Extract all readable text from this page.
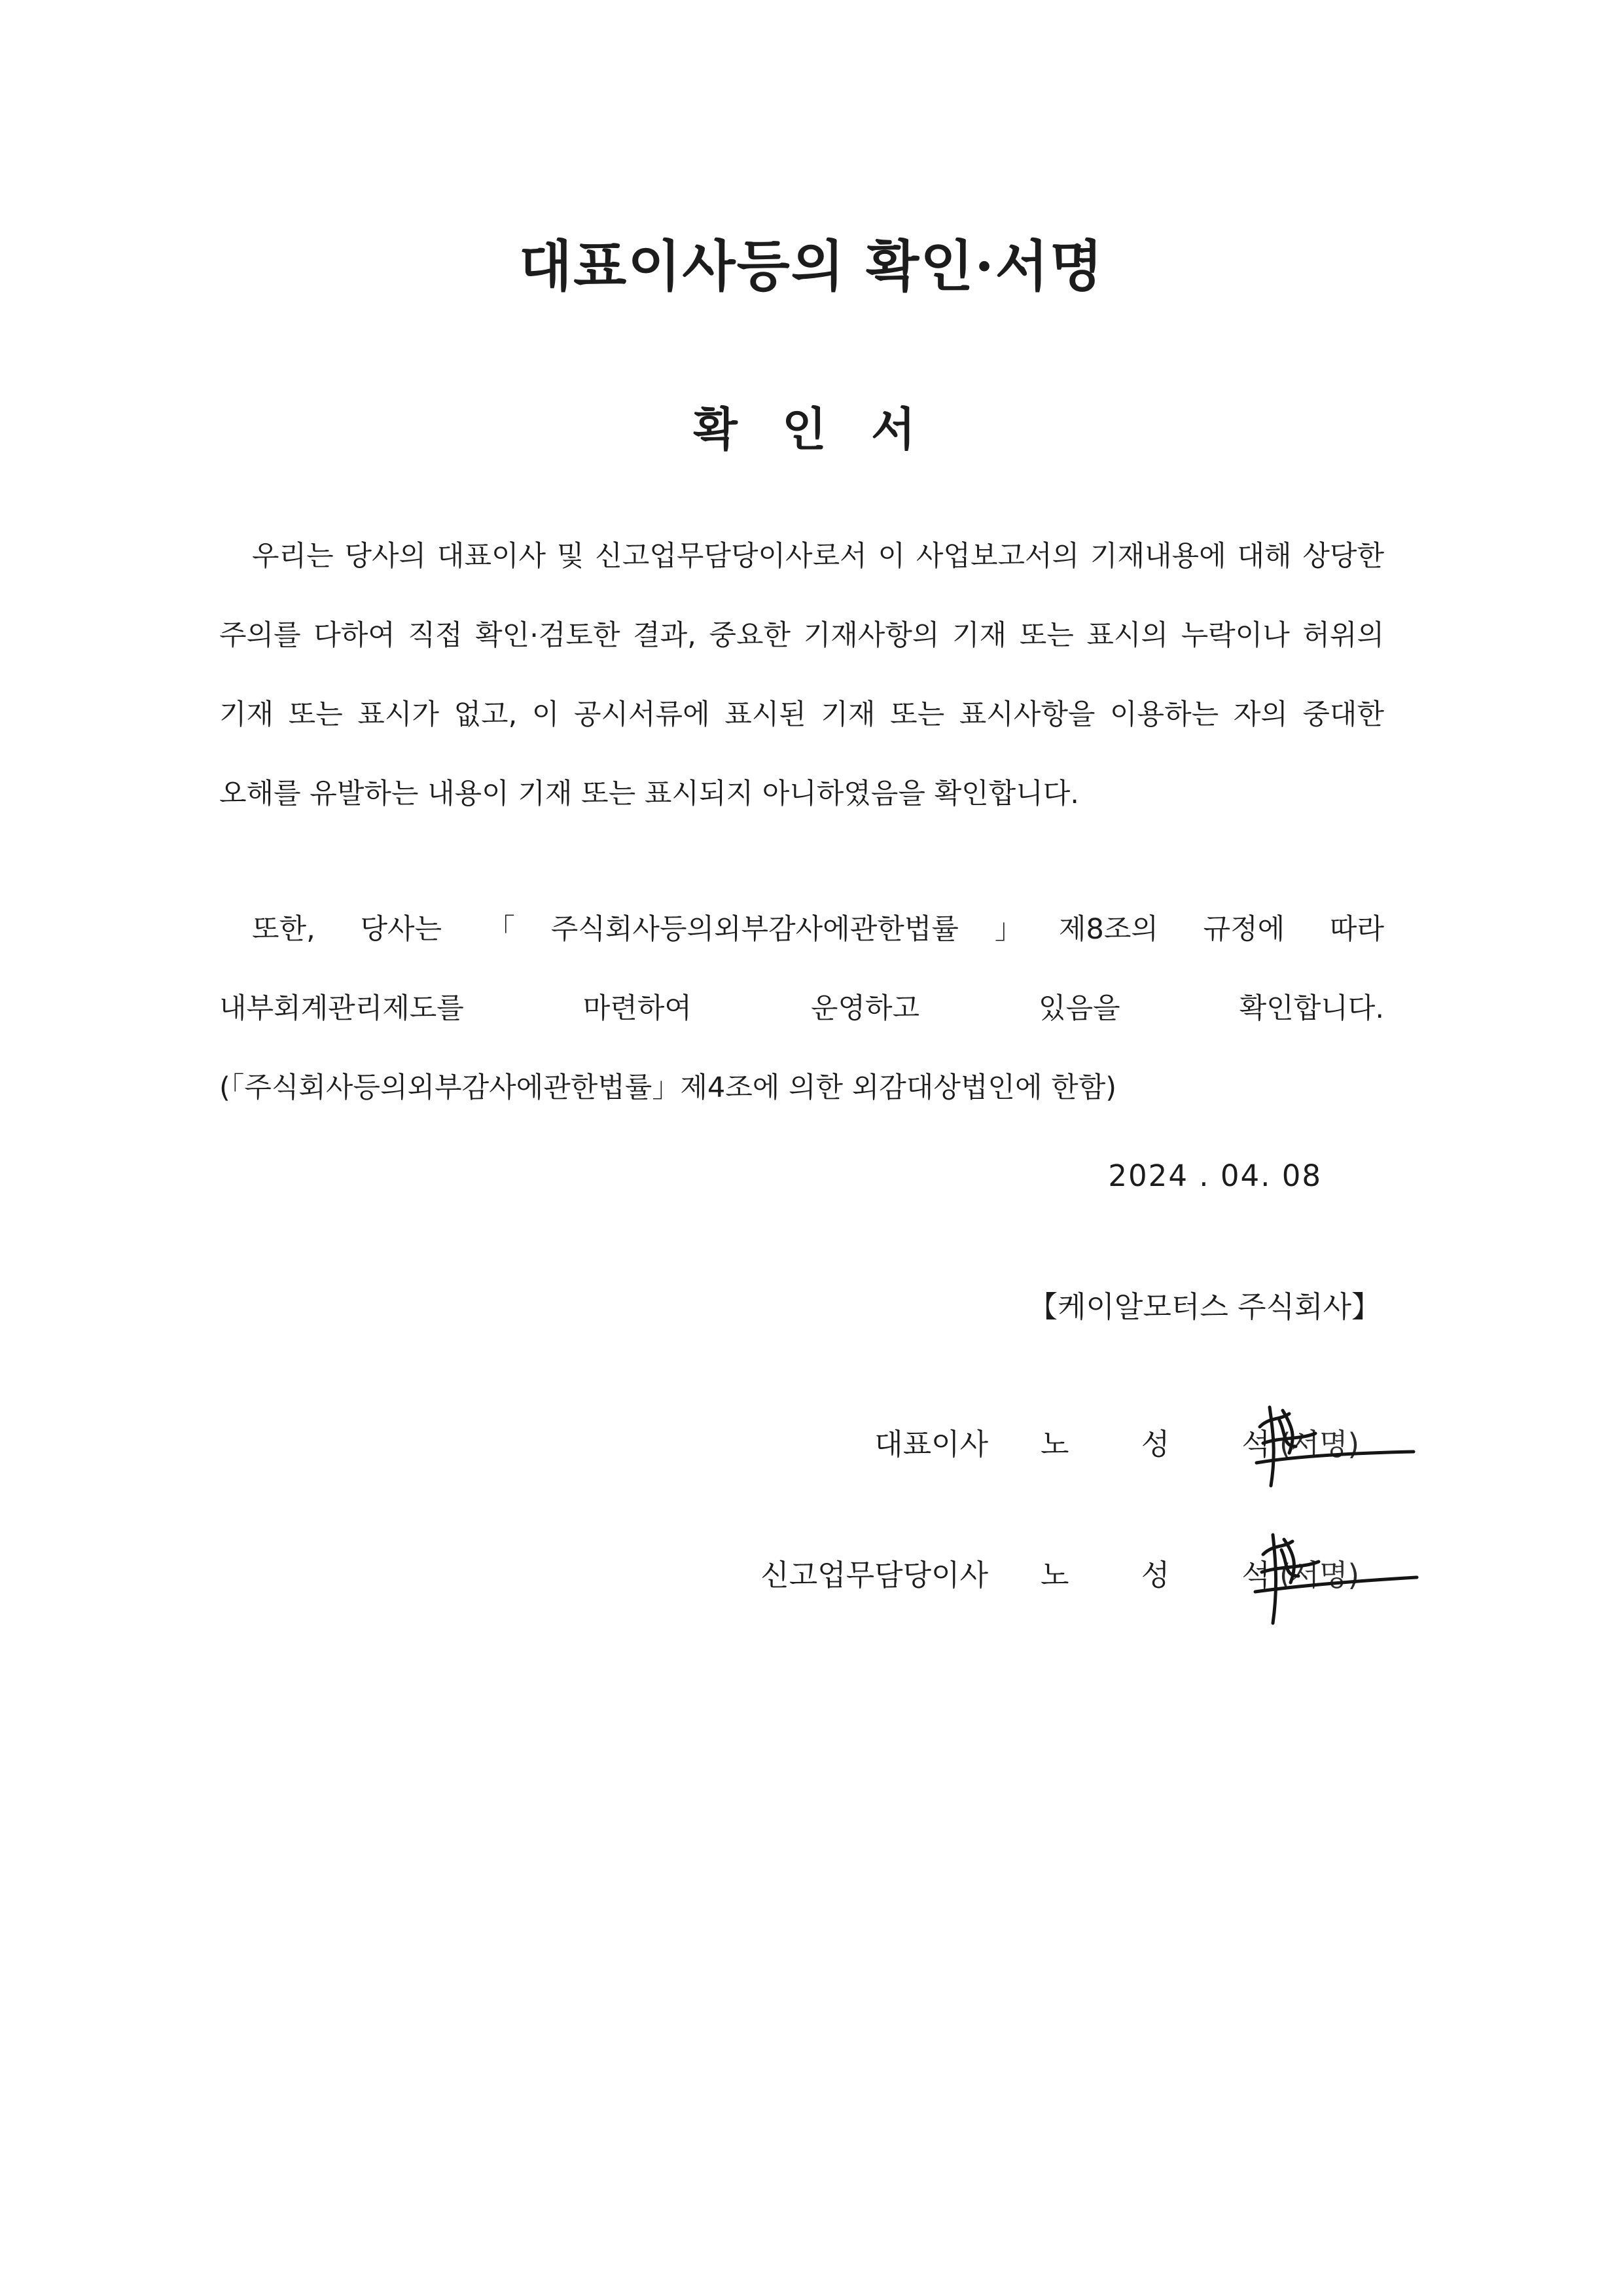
대표이사등의 확인·서명
확 인 서

우리는 당사의 대표이사 및 신고업무담당이사로서 이 사업보고서의 기재내용에 대해 상당한 주의를 다하여 직접 확인·검토한 결과, 중요한 기재사항의 기재 또는 표시의 누락이나 허위의 기재 또는 표시가 없고, 이 공시서류에 표시된 기재 또는 표시사항을 이용하는 자의 중대한 오해를 유발하는 내용이 기재 또는 표시되지 아니하였음을 확인합니다.

또한, 당사는 「주식회사등의외부감사에관한법률」제8조의 규정에 따라 내부회계관리제도를 마련하여 운영하고 있음을 확인합니다.(「주식회사등의외부감사에관한법률」제4조에 의한 외감대상법인에 한함)

2024 . 04. 08
【케이알모터스 주식회사】
대표이사 노 성 석
(서명)
신고업무담당이사 노 성 석
(서명)
